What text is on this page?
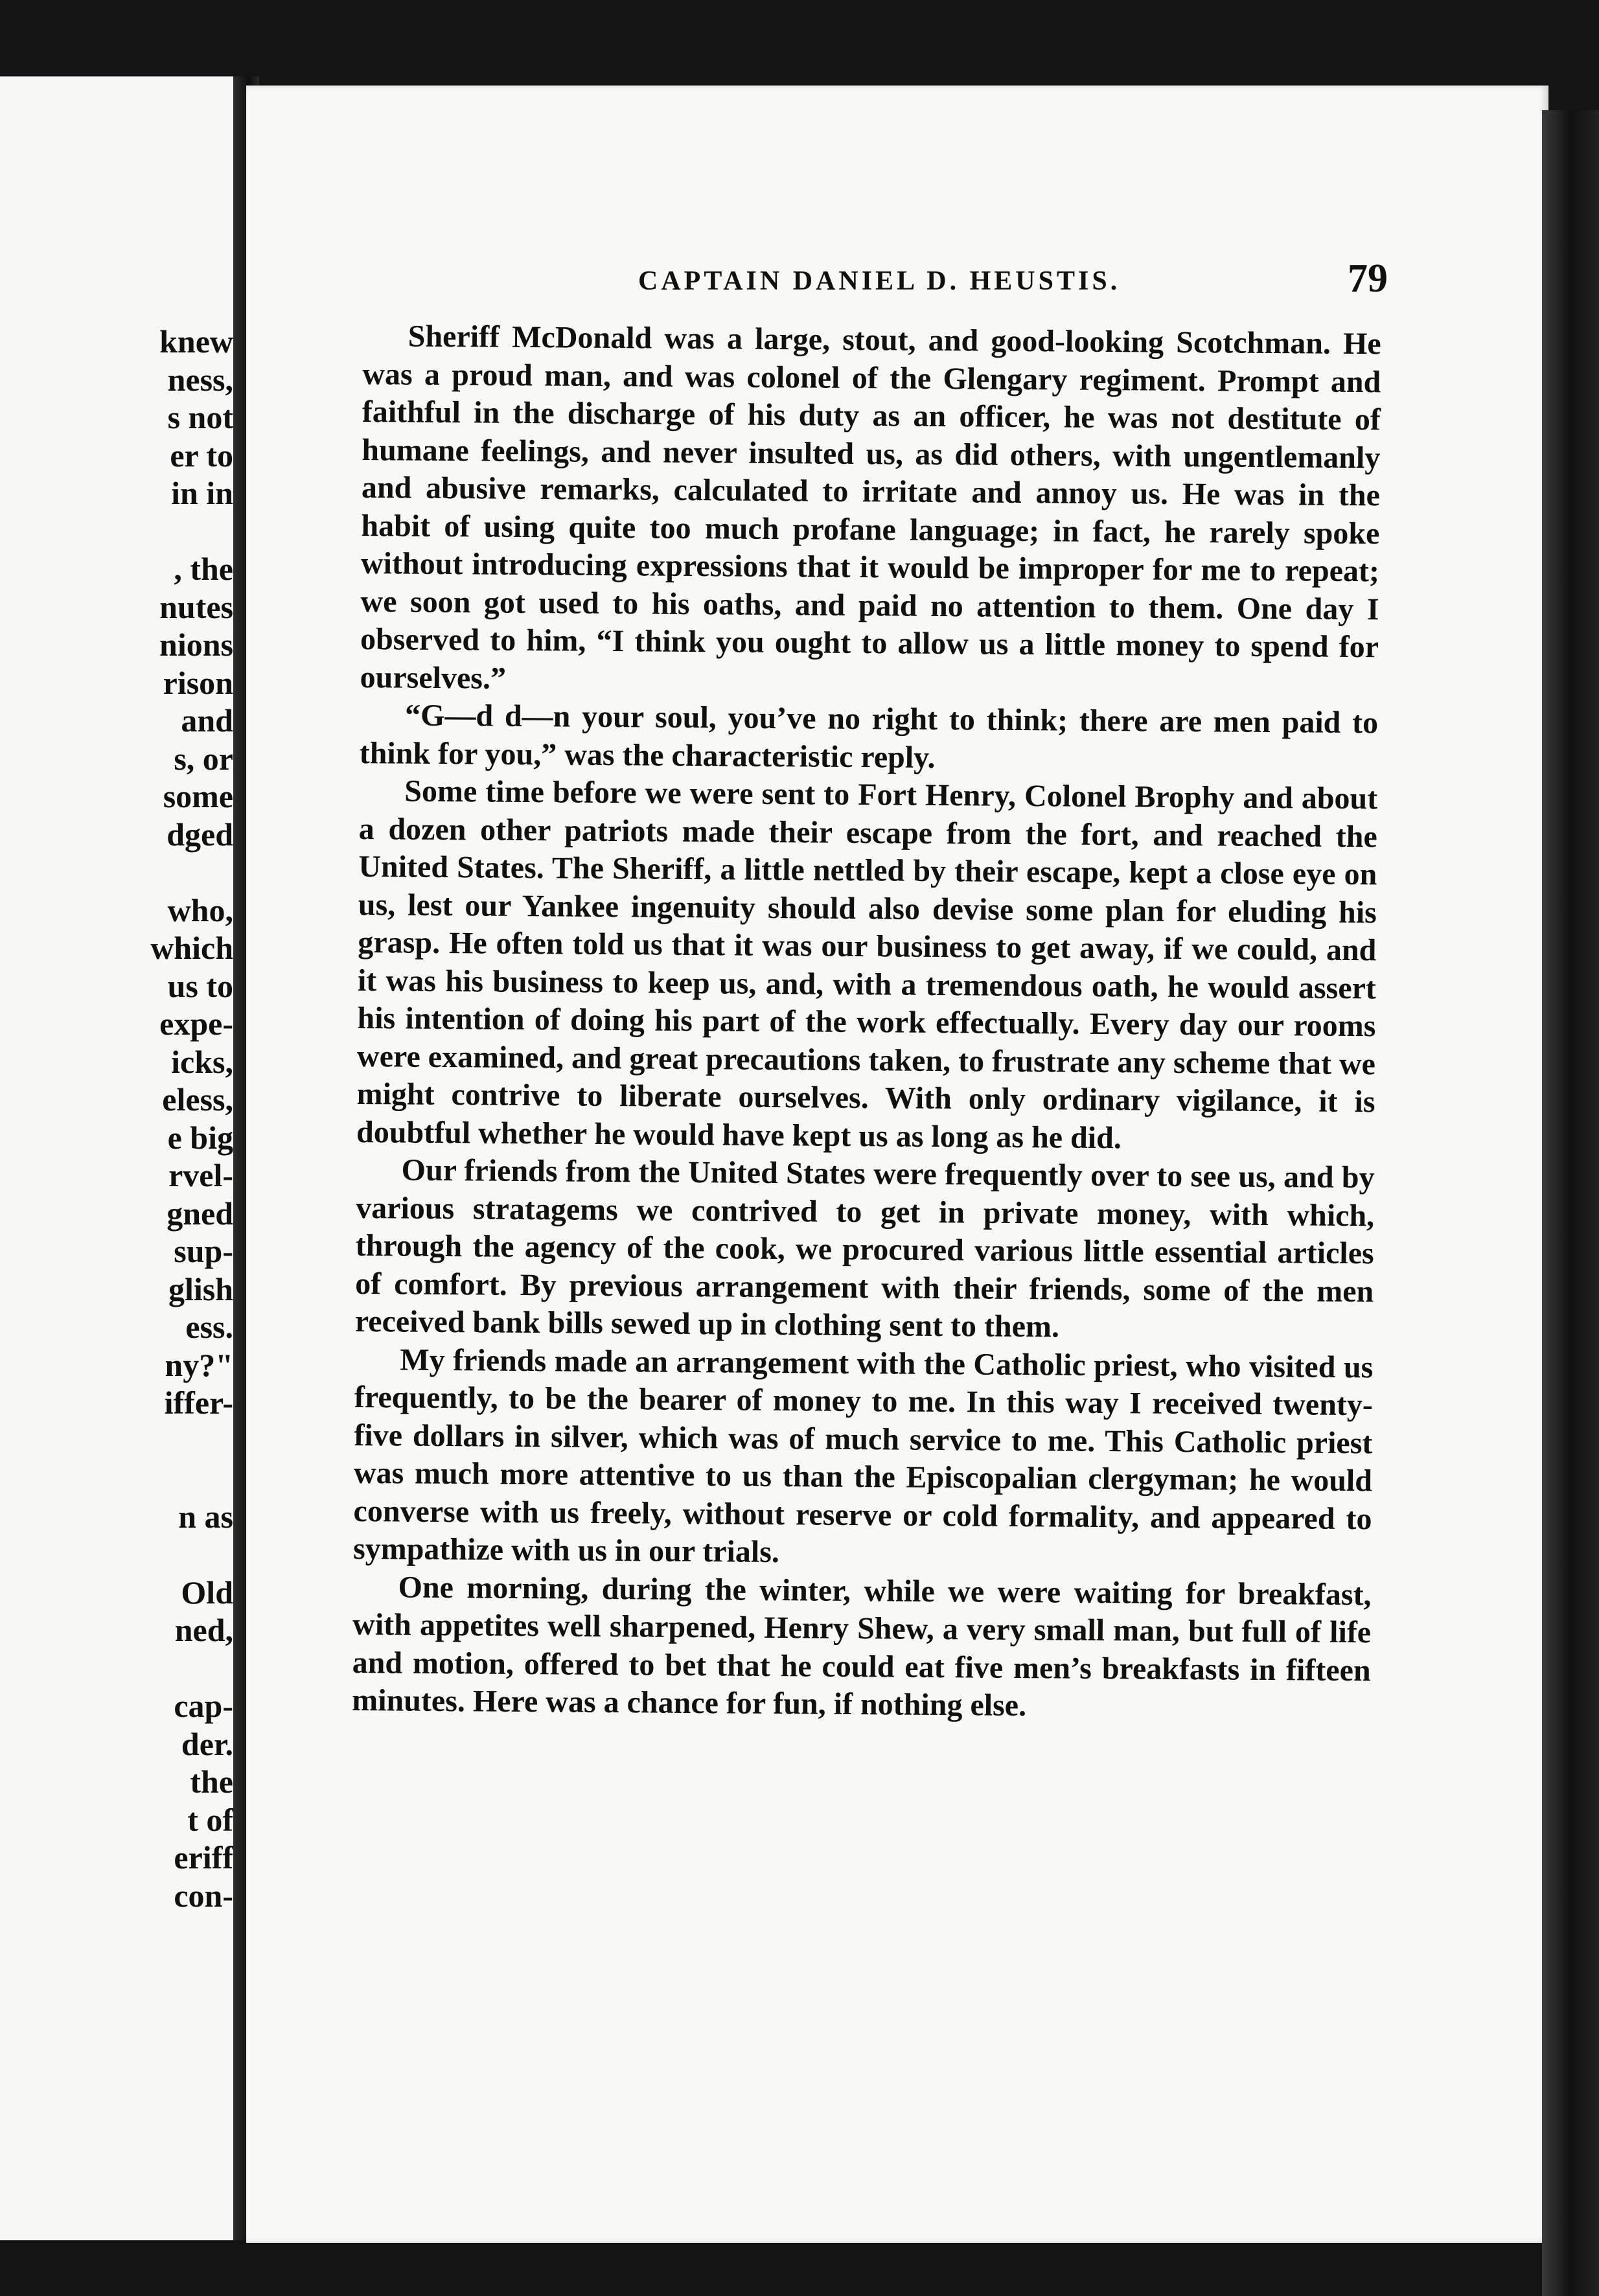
knew
ness,
s not
er to
in in
, the
nutes
nions
rison
and
s, or
some
dged
who,
which
us to
expe-
icks,
eless,
e big
rvel-
gned
sup-
glish
ess.
ny?"
iffer-
n as
Old
ned,
cap-
der.
the
t of
eriff
con-
CAPTAIN DANIEL D. HEUSTIS.	79

Sheriff McDonald was a large, stout, and good-looking Scotchman. He was a proud man, and was colonel of the Glengary regiment. Prompt and faithful in the discharge of his duty as an officer, he was not destitute of humane feelings, and never insulted us, as did others, with ungentlemanly and abusive remarks, calculated to irritate and annoy us. He was in the habit of using quite too much profane language; in fact, he rarely spoke without introducing expressions that it would be improper for me to repeat; we soon got used to his oaths, and paid no attention to them. One day I observed to him, “I think you ought to allow us a little money to spend for ourselves.”

“G—d d—n your soul, you’ve no right to think; there are men paid to think for you,” was the characteristic reply.

Some time before we were sent to Fort Henry, Colonel Brophy and about a dozen other patriots made their escape from the fort, and reached the United States. The Sheriff, a little nettled by their escape, kept a close eye on us, lest our Yankee ingenuity should also devise some plan for eluding his grasp. He often told us that it was our business to get away, if we could, and it was his business to keep us, and, with a tremendous oath, he would assert his intention of doing his part of the work effectually. Every day our rooms were examined, and great precautions taken, to frustrate any scheme that we might contrive to liberate ourselves. With only ordinary vigilance, it is doubtful whether he would have kept us as long as he did.

Our friends from the United States were frequently over to see us, and by various stratagems we contrived to get in private money, with which, through the agency of the cook, we procured various little essential articles of comfort. By previous arrangement with their friends, some of the men received bank bills sewed up in clothing sent to them.

My friends made an arrangement with the Catholic priest, who visited us frequently, to be the bearer of money to me. In this way I received twenty-five dollars in silver, which was of much service to me. This Catholic priest was much more attentive to us than the Episcopalian clergyman; he would converse with us freely, without reserve or cold formality, and appeared to sympathize with us in our trials.

One morning, during the winter, while we were waiting for breakfast, with appetites well sharpened, Henry Shew, a very small man, but full of life and motion, offered to bet that he could eat five men’s breakfasts in fifteen minutes. Here was a chance for fun, if nothing else.
